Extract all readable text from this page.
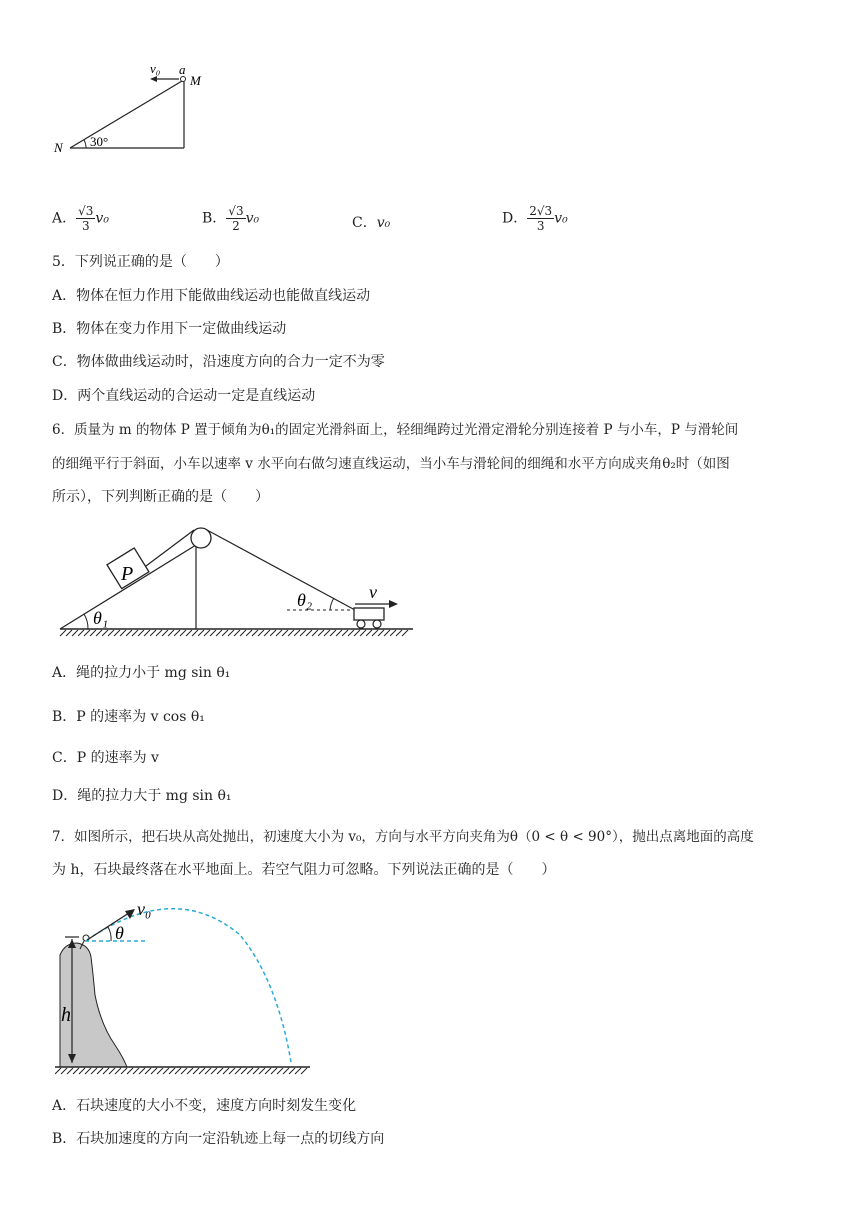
v₀ a
M
N 30°
A． $\frac{√3}{3} v_0$	B． $\frac{√3}{2} v_0$	C．v₀	D． $\frac{2√3}{3} v_0$
5．下列说正确的是（　　）
A．物体在恒力作用下能做曲线运动也能做直线运动
B．物体在变力作用下一定做曲线运动
C．物体做曲线运动时，沿速度方向的合力一定不为零
D．两个直线运动的合运动一定是直线运动
6．质量为 m 的物体 P 置于倾角为θ₁的固定光滑斜面上，轻细绳跨过光滑定滑轮分别连接着 P 与小车，P 与滑轮间
的细绳平行于斜面，小车以速率 v 水平向右做匀速直线运动，当小车与滑轮间的细绳和水平方向成夹角θ₂时（如图
所示），下列判断正确的是（　　）
P
θ₁
θ₂	v
A．绳的拉力小于 mg sin θ₁
B．P 的速率为 v cos θ₁
C．P 的速率为 v
D．绳的拉力大于 mg sin θ₁
7．如图所示，把石块从高处抛出，初速度大小为 v₀，方向与水平方向夹角为θ（0 < θ < 90°），抛出点离地面的高度
为 h，石块最终落在水平地面上。若空气阻力可忽略。下列说法正确的是（　　）
h
v₀
θ
A．石块速度的大小不变，速度方向时刻发生变化
B．石块加速度的方向一定沿轨迹上每一点的切线方向
